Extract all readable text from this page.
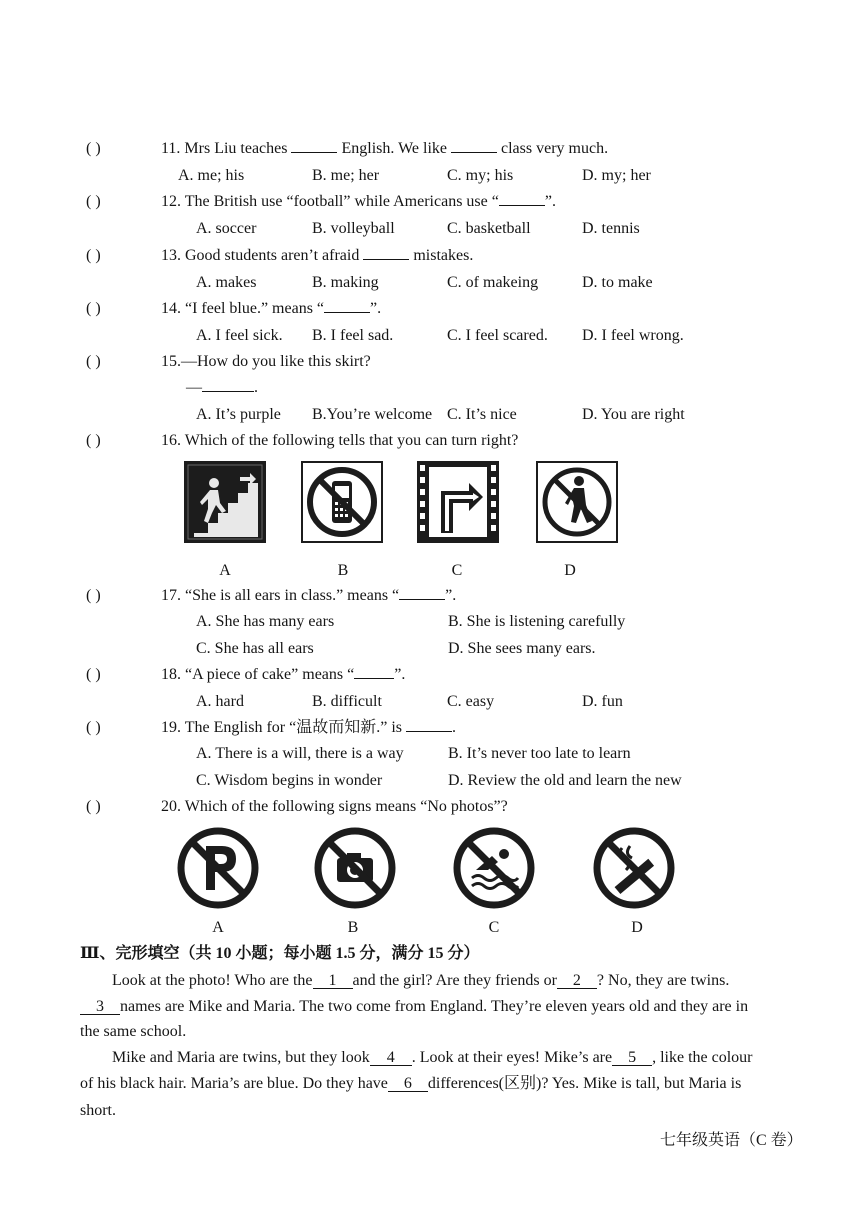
( )	11. Mrs Liu teaches	English. We like	class very much.
A. me; his	B. me; her	C. my; his	D. my; her
( )	12. The British use “football” while Americans use “	”.
A. soccer	B. volleyball	C. basketball	D. tennis
( )	13. Good students aren’t afraid	mistakes.
A. makes	B. making	C. of makeing	D. to make
( )	14. “I feel blue.” means “	”.
A. I feel sick. B. I feel sad.	C. I feel scared. D. I feel wrong.
( )	15.—How do you like this skirt?
—	.
A. It’s purple B.You’re welcome C. It’s nice	D. You are right
( )	16. Which of the following tells that you can turn right?
A	B	C	D
( )	17. “She is all ears in class.” means “	”.
A. She has many ears	B. She is listening carefully
C. She has all ears	D. She sees many ears.
( )	18. “A piece of cake” means “	”.
A. hard	B. difficult	C. easy	D. fun
( )	19. The English for “温故而知新.” is	.
A. There is a will, there is a way	B. It’s never too late to learn
C. Wisdom begins in wonder	D. Review the old and learn the new
( )	20. Which of the following signs means “No photos”?
A	B	C	D
Ⅲ、完形填空（共 10 小题；每小题 1.5 分，满分 15 分）
Look at the photo! Who are the 1 and the girl? Are they friends or 2 ? No, they are twins.
3 names are Mike and Maria. The two come from England. They’re eleven years old and they are in
the same school.
Mike and Maria are twins, but they look 4 . Look at their eyes! Mike’s are 5 , like the colour
of his black hair. Maria’s are blue. Do they have 6 differences(区别)? Yes. Mike is tall, but Maria is
short.
七年级英语（C 卷）
